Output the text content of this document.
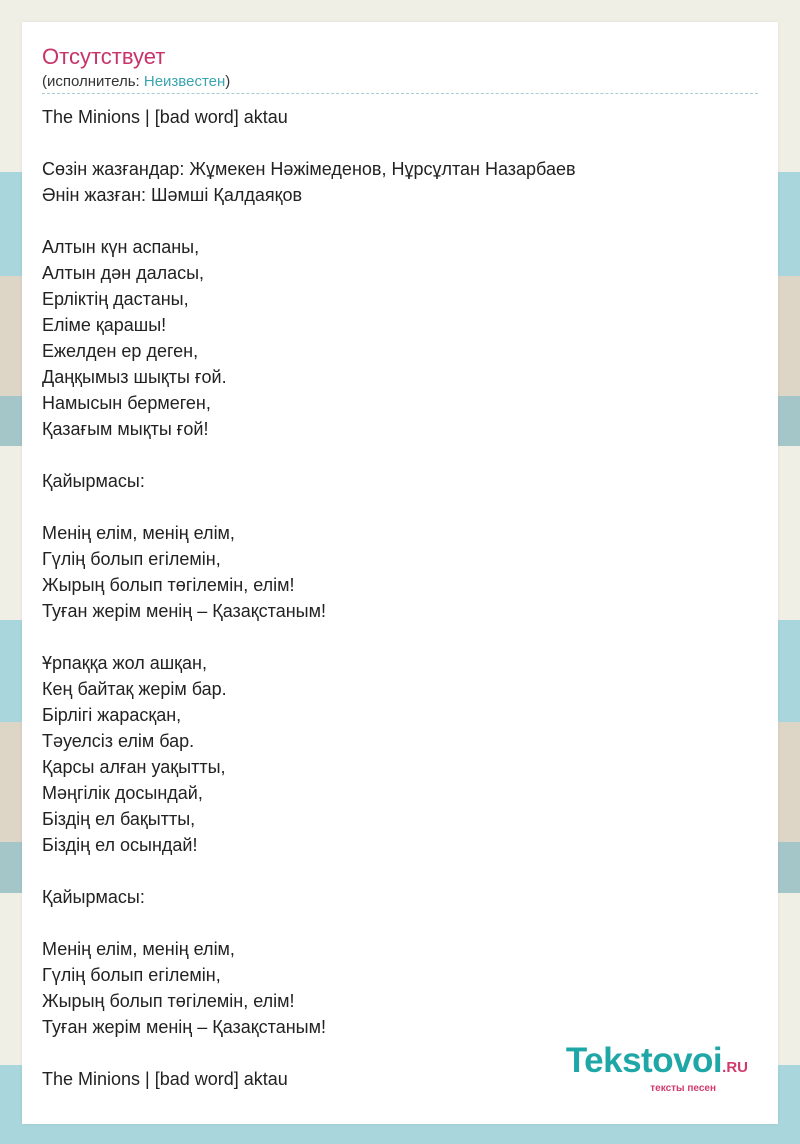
Отсутствует
(исполнитель: Неизвестен)
The Minions | [bad word] aktau
Сөзін жазғандар: Жұмекен Нәжімеденов, Нұрсұлтан Назарбаев
Әнін жазған: Шәмші Қалдаяқов
Алтын күн аспаны,
Алтын дән даласы,
Ерліктің дастаны,
Еліме қарашы!
Ежелден ер деген,
Даңқымыз шықты ғой.
Намысын бермеген,
Қазағым мықты ғой!
Қайырмасы:
Менің елім, менің елім,
Гүлің болып егілемін,
Жырың болып төгілемін, елім!
Туған жерім менің – Қазақстаным!
Ұрпаққа жол ашқан,
Кең байтақ жерім бар.
Бірлігі жарасқан,
Тәуелсіз елім бар.
Қарсы алған уақытты,
Мәңгілік досындай,
Біздің ел бақытты,
Біздің ел осындай!
Қайырмасы:
Менің елім, менің елім,
Гүлің болып егілемін,
Жырың болып төгілемін, елім!
Туған жерім менің – Қазақстаным!
The Minions | [bad word] aktau	Tekstovoi.RU
тексты песен
